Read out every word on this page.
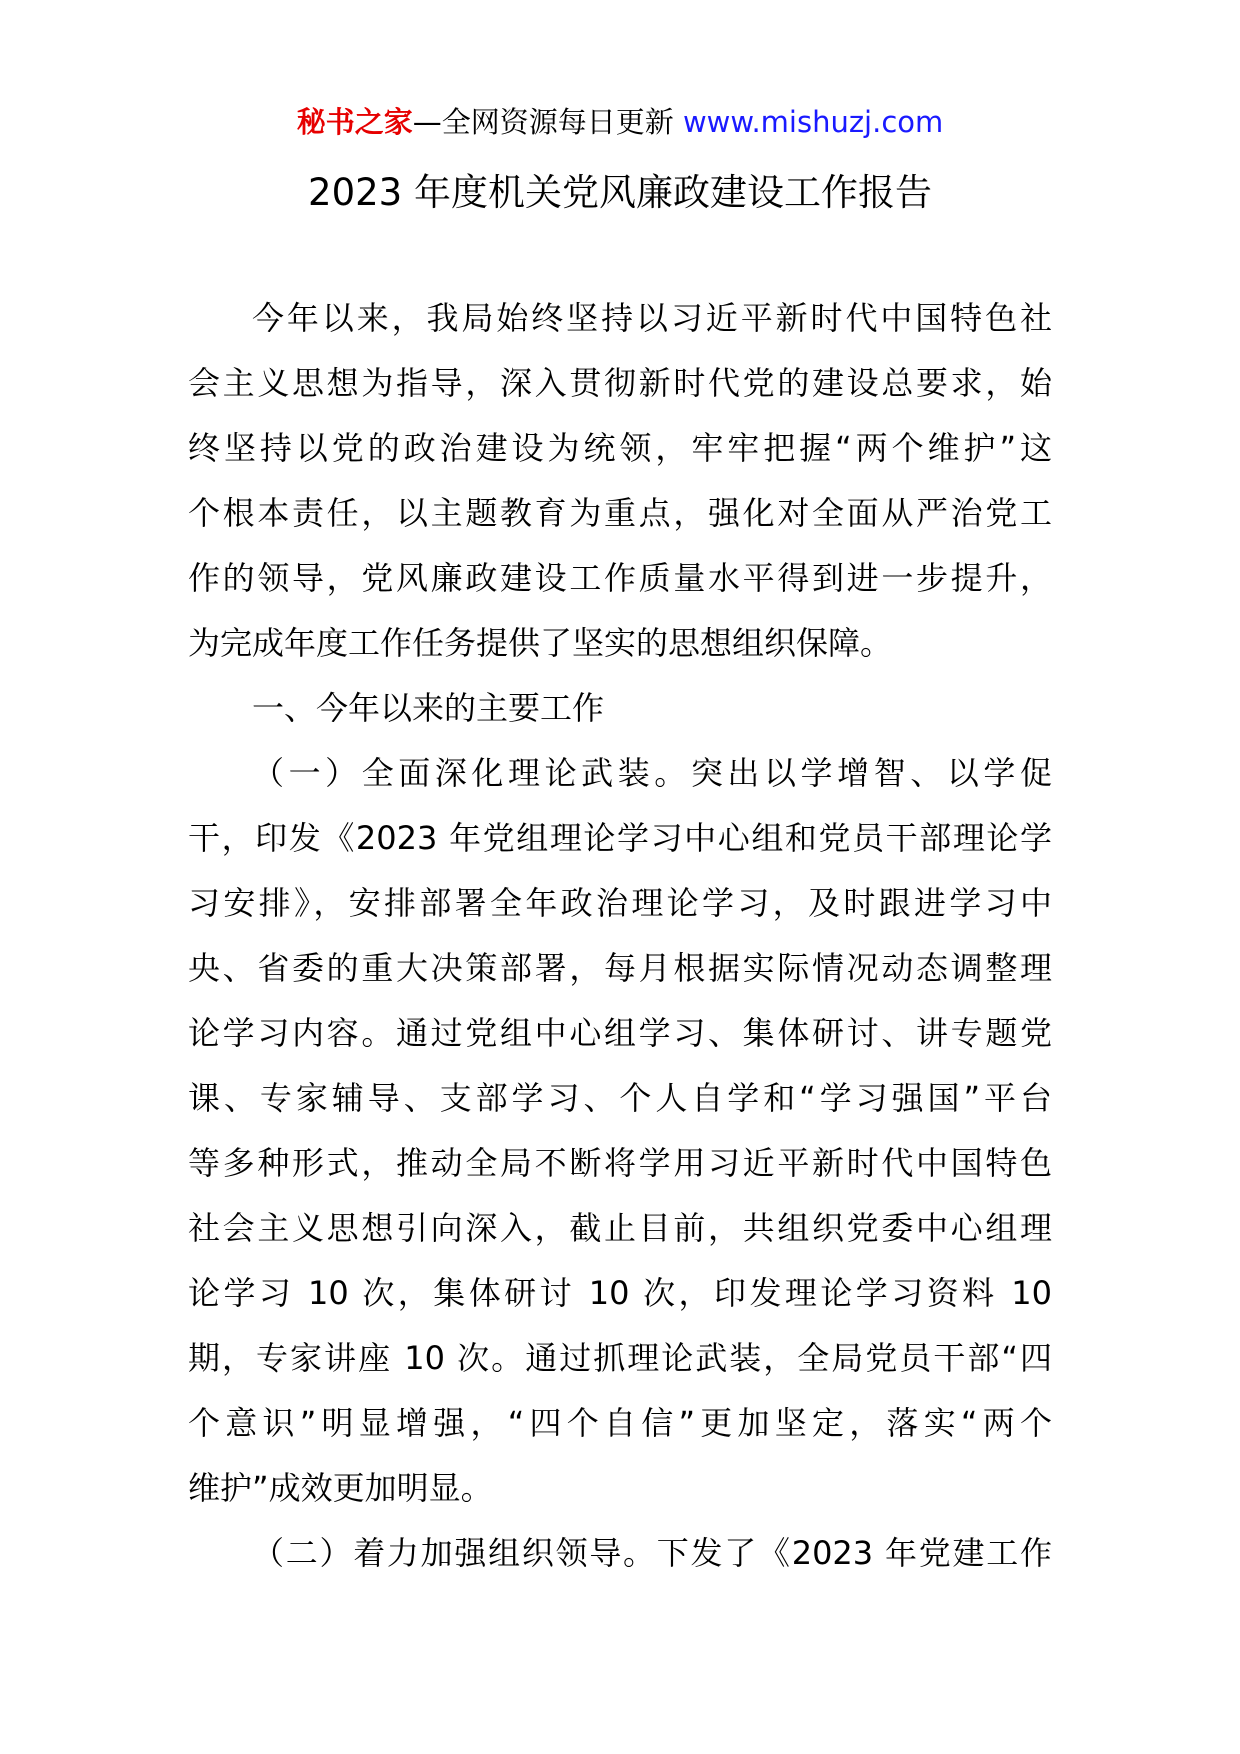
秘书之家—全网资源每日更新 www.mishuzj.com
2023 年度机关党风廉政建设工作报告

今年以来，我局始终坚持以习近平新时代中国特色社
会主义思想为指导，深入贯彻新时代党的建设总要求，始
终坚持以党的政治建设为统领，牢牢把握“两个维护”这
个根本责任，以主题教育为重点，强化对全面从严治党工
作的领导，党风廉政建设工作质量水平得到进一步提升，
为完成年度工作任务提供了坚实的思想组织保障。

一、今年以来的主要工作

（一）全面深化理论武装。突出以学增智、以学促
干，印发《2023 年党组理论学习中心组和党员干部理论学
习安排》，安排部署全年政治理论学习，及时跟进学习中
央、省委的重大决策部署，每月根据实际情况动态调整理
论学习内容。通过党组中心组学习、集体研讨、讲专题党
课、专家辅导、支部学习、个人自学和“学习强国”平台
等多种形式，推动全局不断将学用习近平新时代中国特色
社会主义思想引向深入，截止目前，共组织党委中心组理
论学习 10 次，集体研讨 10 次，印发理论学习资料 10
期，专家讲座 10 次。通过抓理论武装，全局党员干部“四
个意识”明显增强，“四个自信”更加坚定，落实“两个
维护”成效更加明显。

（二）着力加强组织领导。下发了《2023 年党建工作
